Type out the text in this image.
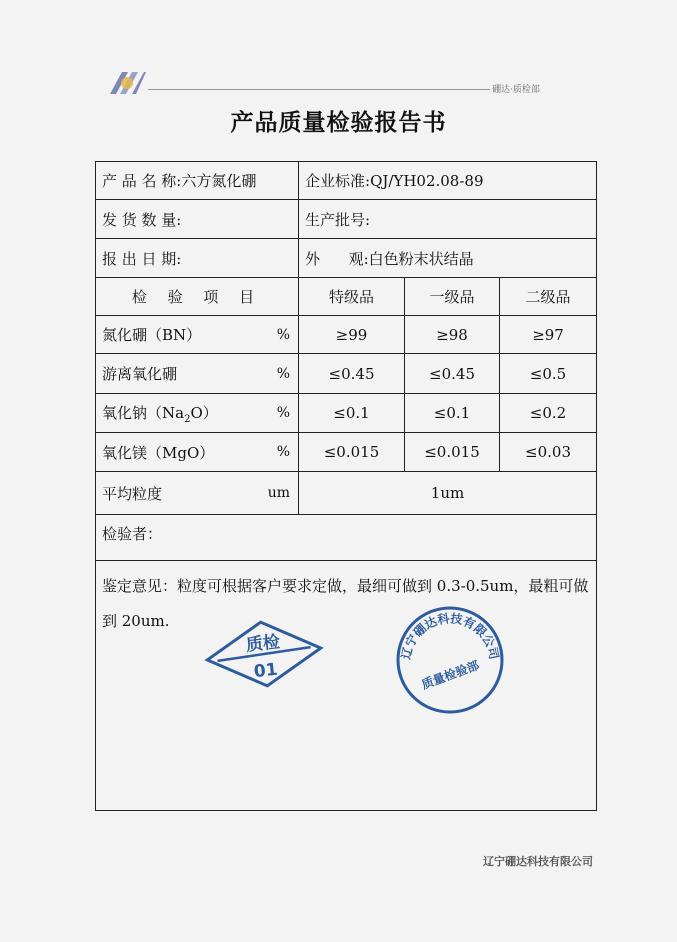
硼达·质检部
产品质量检验报告书
产 品 名 称:六方氮化硼	企业标准:QJ/YH02.08-89		
发 货 数 量:	生产批号:		
报 出 日 期:	外      观:白色粉末状结晶		
检 验 项 目	特级品	一级品	二级品
氮化硼（BN） %	≥99	≥98	≥97
游离氧化硼 %	≤0.45	≤0.45	≤0.5
氧化钠$(Na_2O)$ %	≤0.1	≤0.1	≤0.2
氧化镁（MgO） %	≤0.015	≤0.015	≤0.03
平均粒度 um	1um		
检验者：			

鉴定意见：粒度可根据客户要求定做，最细可做到 0.3-0.5um，最粗可做到 20um.			
质检
01
辽宁硼达科技有限公司
质量检验部
辽宁硼达科技有限公司
